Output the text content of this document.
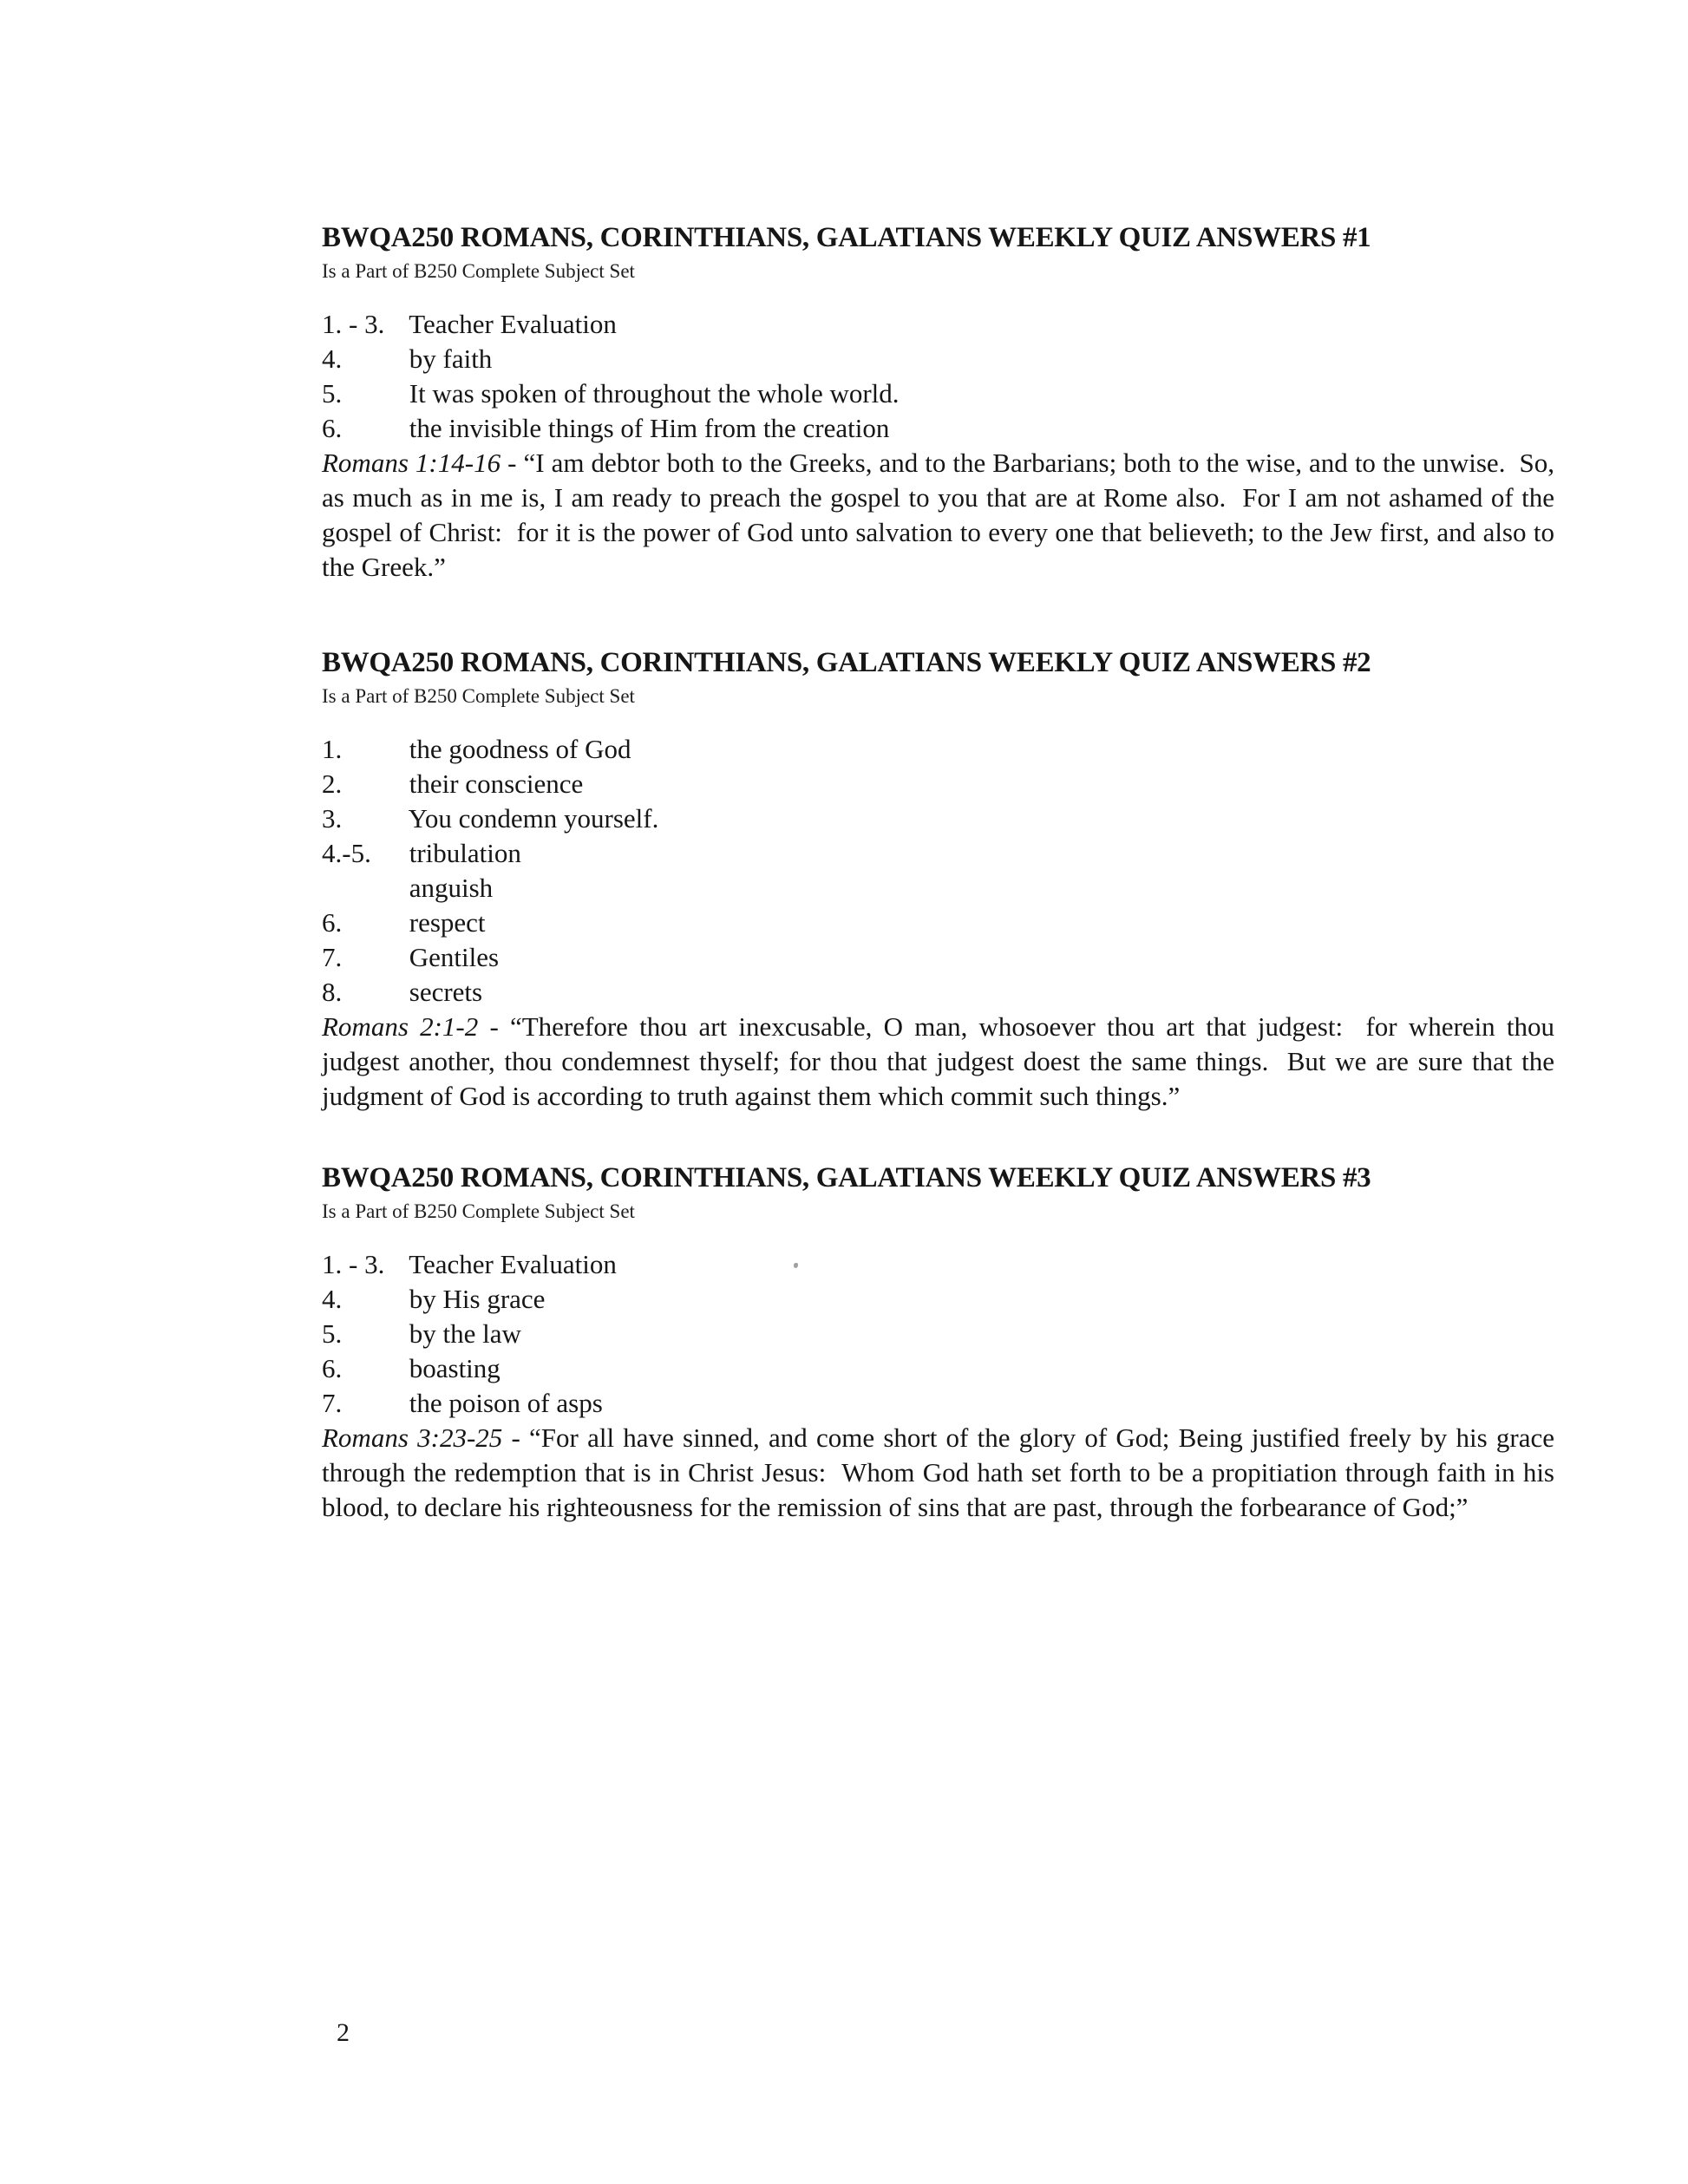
BWQA250 ROMANS, CORINTHIANS, GALATIANS WEEKLY QUIZ ANSWERS #1
Is a Part of B250 Complete Subject Set
1. - 3. Teacher Evaluation
4.	by faith
5.	It was spoken of throughout the whole world.
6.	the invisible things of Him from the creation

Romans 1:14-16 - “I am debtor both to the Greeks, and to the Barbarians; both to the wise, and to the unwise.  So, as much as in me is, I am ready to preach the gospel to you that are at Rome also.  For I am not ashamed of the gospel of Christ:  for it is the power of God unto salvation to every one that believeth; to the Jew first, and also to the Greek.”

BWQA250 ROMANS, CORINTHIANS, GALATIANS WEEKLY QUIZ ANSWERS #2
Is a Part of B250 Complete Subject Set
1.	the goodness of God
2.	their conscience
3. You condemn yourself.
4.-5. tribulation
anguish
6.	respect
7.	Gentiles
8.	secrets

Romans 2:1-2 - “Therefore thou art inexcusable, O man, whosoever thou art that judgest:  for wherein thou judgest another, thou condemnest thyself; for thou that judgest doest the same things.  But we are sure that the judgment of God is according to truth against them which commit such things.”

BWQA250 ROMANS, CORINTHIANS, GALATIANS WEEKLY QUIZ ANSWERS #3
Is a Part of B250 Complete Subject Set
1. - 3. Teacher Evaluation
4.	by His grace
5.	by the law
6.	boasting
7.	the poison of asps

Romans 3:23-25 - “For all have sinned, and come short of the glory of God; Being justified freely by his grace through the redemption that is in Christ Jesus:  Whom God hath set forth to be a propitiation through faith in his blood, to declare his righteousness for the remission of sins that are past, through the forbearance of God;”

2
